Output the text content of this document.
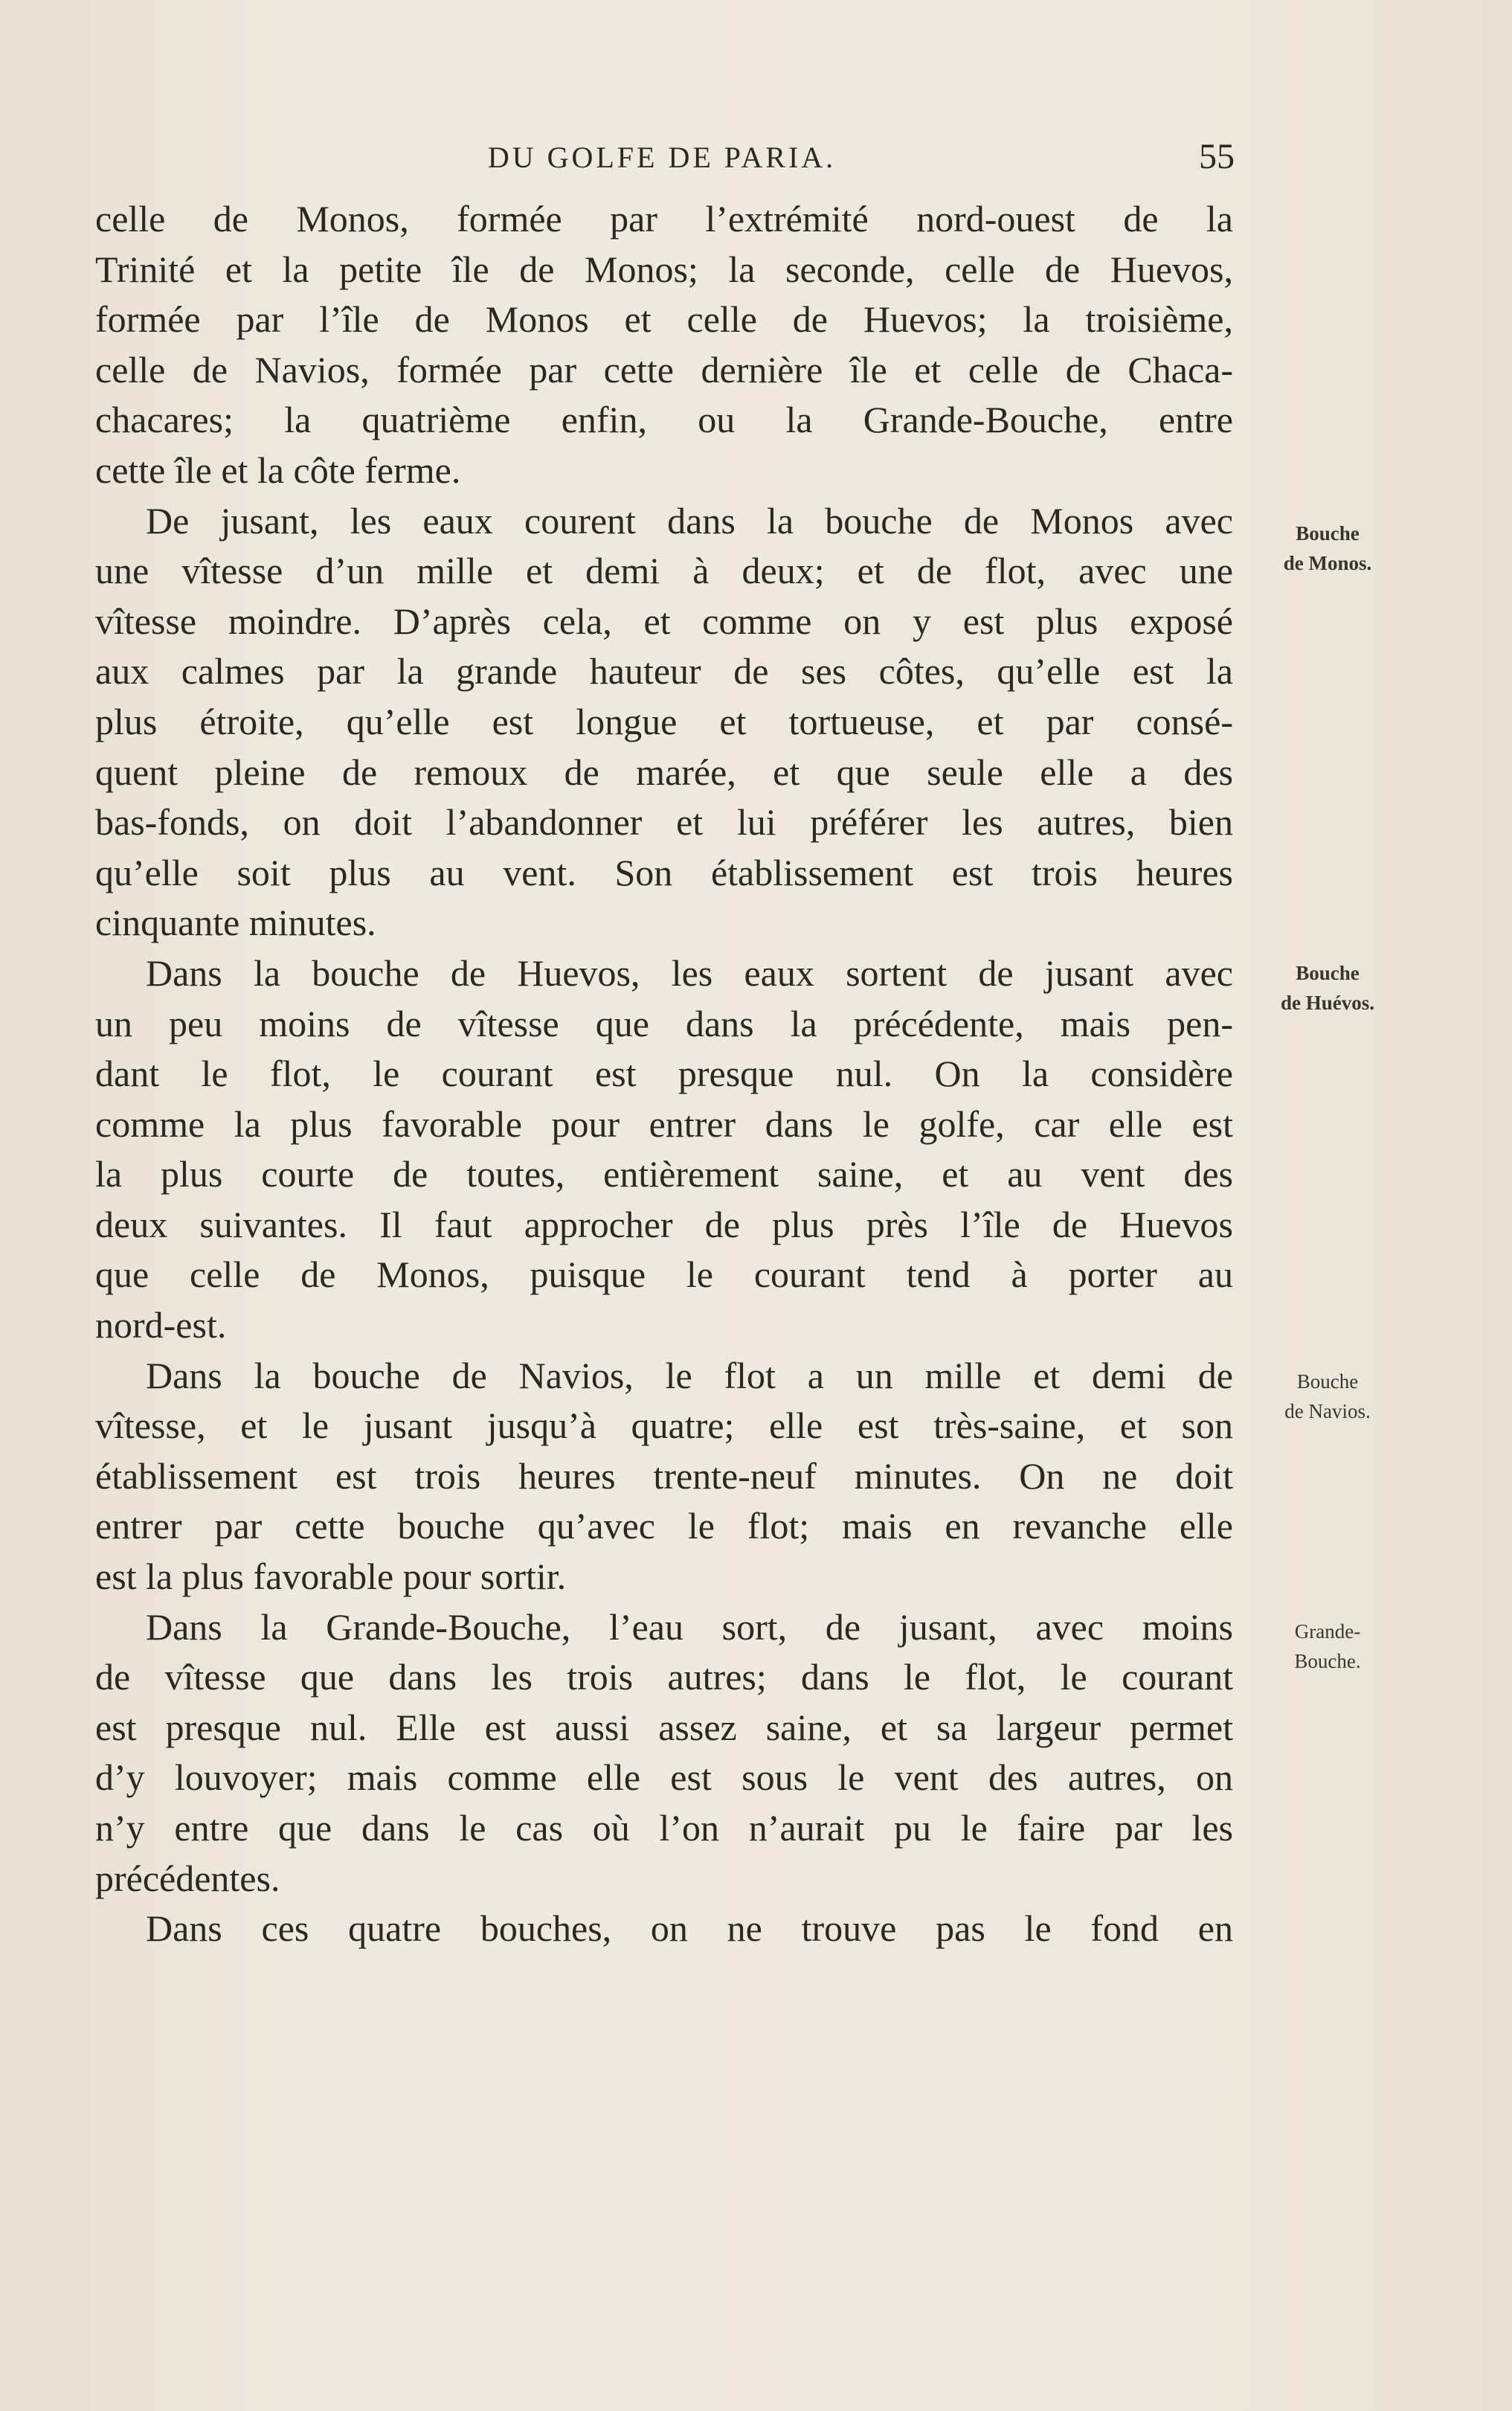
DU GOLFE DE PARIA.	55
celle de Monos, formée par l’extrémité nord-ouest de la
Trinité et la petite île de Monos; la seconde, celle de Huevos,
formée par l’île de Monos et celle de Huevos; la troisième,
celle de Navios, formée par cette dernière île et celle de Chaca-
chacares; la quatrième enfin, ou la Grande-Bouche, entre
cette île et la côte ferme.
De jusant, les eaux courent dans la bouche de Monos avec
une vîtesse d’un mille et demi à deux; et de flot, avec une
vîtesse moindre. D’après cela, et comme on y est plus exposé
aux calmes par la grande hauteur de ses côtes, qu’elle est la
plus étroite, qu’elle est longue et tortueuse, et par consé-
quent pleine de remoux de marée, et que seule elle a des
bas-fonds, on doit l’abandonner et lui préférer les autres, bien
qu’elle soit plus au vent. Son établissement est trois heures
cinquante minutes.
Dans la bouche de Huevos, les eaux sortent de jusant avec
un peu moins de vîtesse que dans la précédente, mais pen-
dant le flot, le courant est presque nul. On la considère
comme la plus favorable pour entrer dans le golfe, car elle est
la plus courte de toutes, entièrement saine, et au vent des
deux suivantes. Il faut approcher de plus près l’île de Huevos
que celle de Monos, puisque le courant tend à porter au
nord-est.
Dans la bouche de Navios, le flot a un mille et demi de
vîtesse, et le jusant jusqu’à quatre; elle est très-saine, et son
établissement est trois heures trente-neuf minutes. On ne doit
entrer par cette bouche qu’avec le flot; mais en revanche elle
est la plus favorable pour sortir.
Dans la Grande-Bouche, l’eau sort, de jusant, avec moins
de vîtesse que dans les trois autres; dans le flot, le courant
est presque nul. Elle est aussi assez saine, et sa largeur permet
d’y louvoyer; mais comme elle est sous le vent des autres, on
n’y entre que dans le cas où l’on n’aurait pu le faire par les
précédentes.
Dans ces quatre bouches, on ne trouve pas le fond en
Bouche
de Monos.
Bouche
de Huévos.
Bouche
de Navios.
Grande-
Bouche.
